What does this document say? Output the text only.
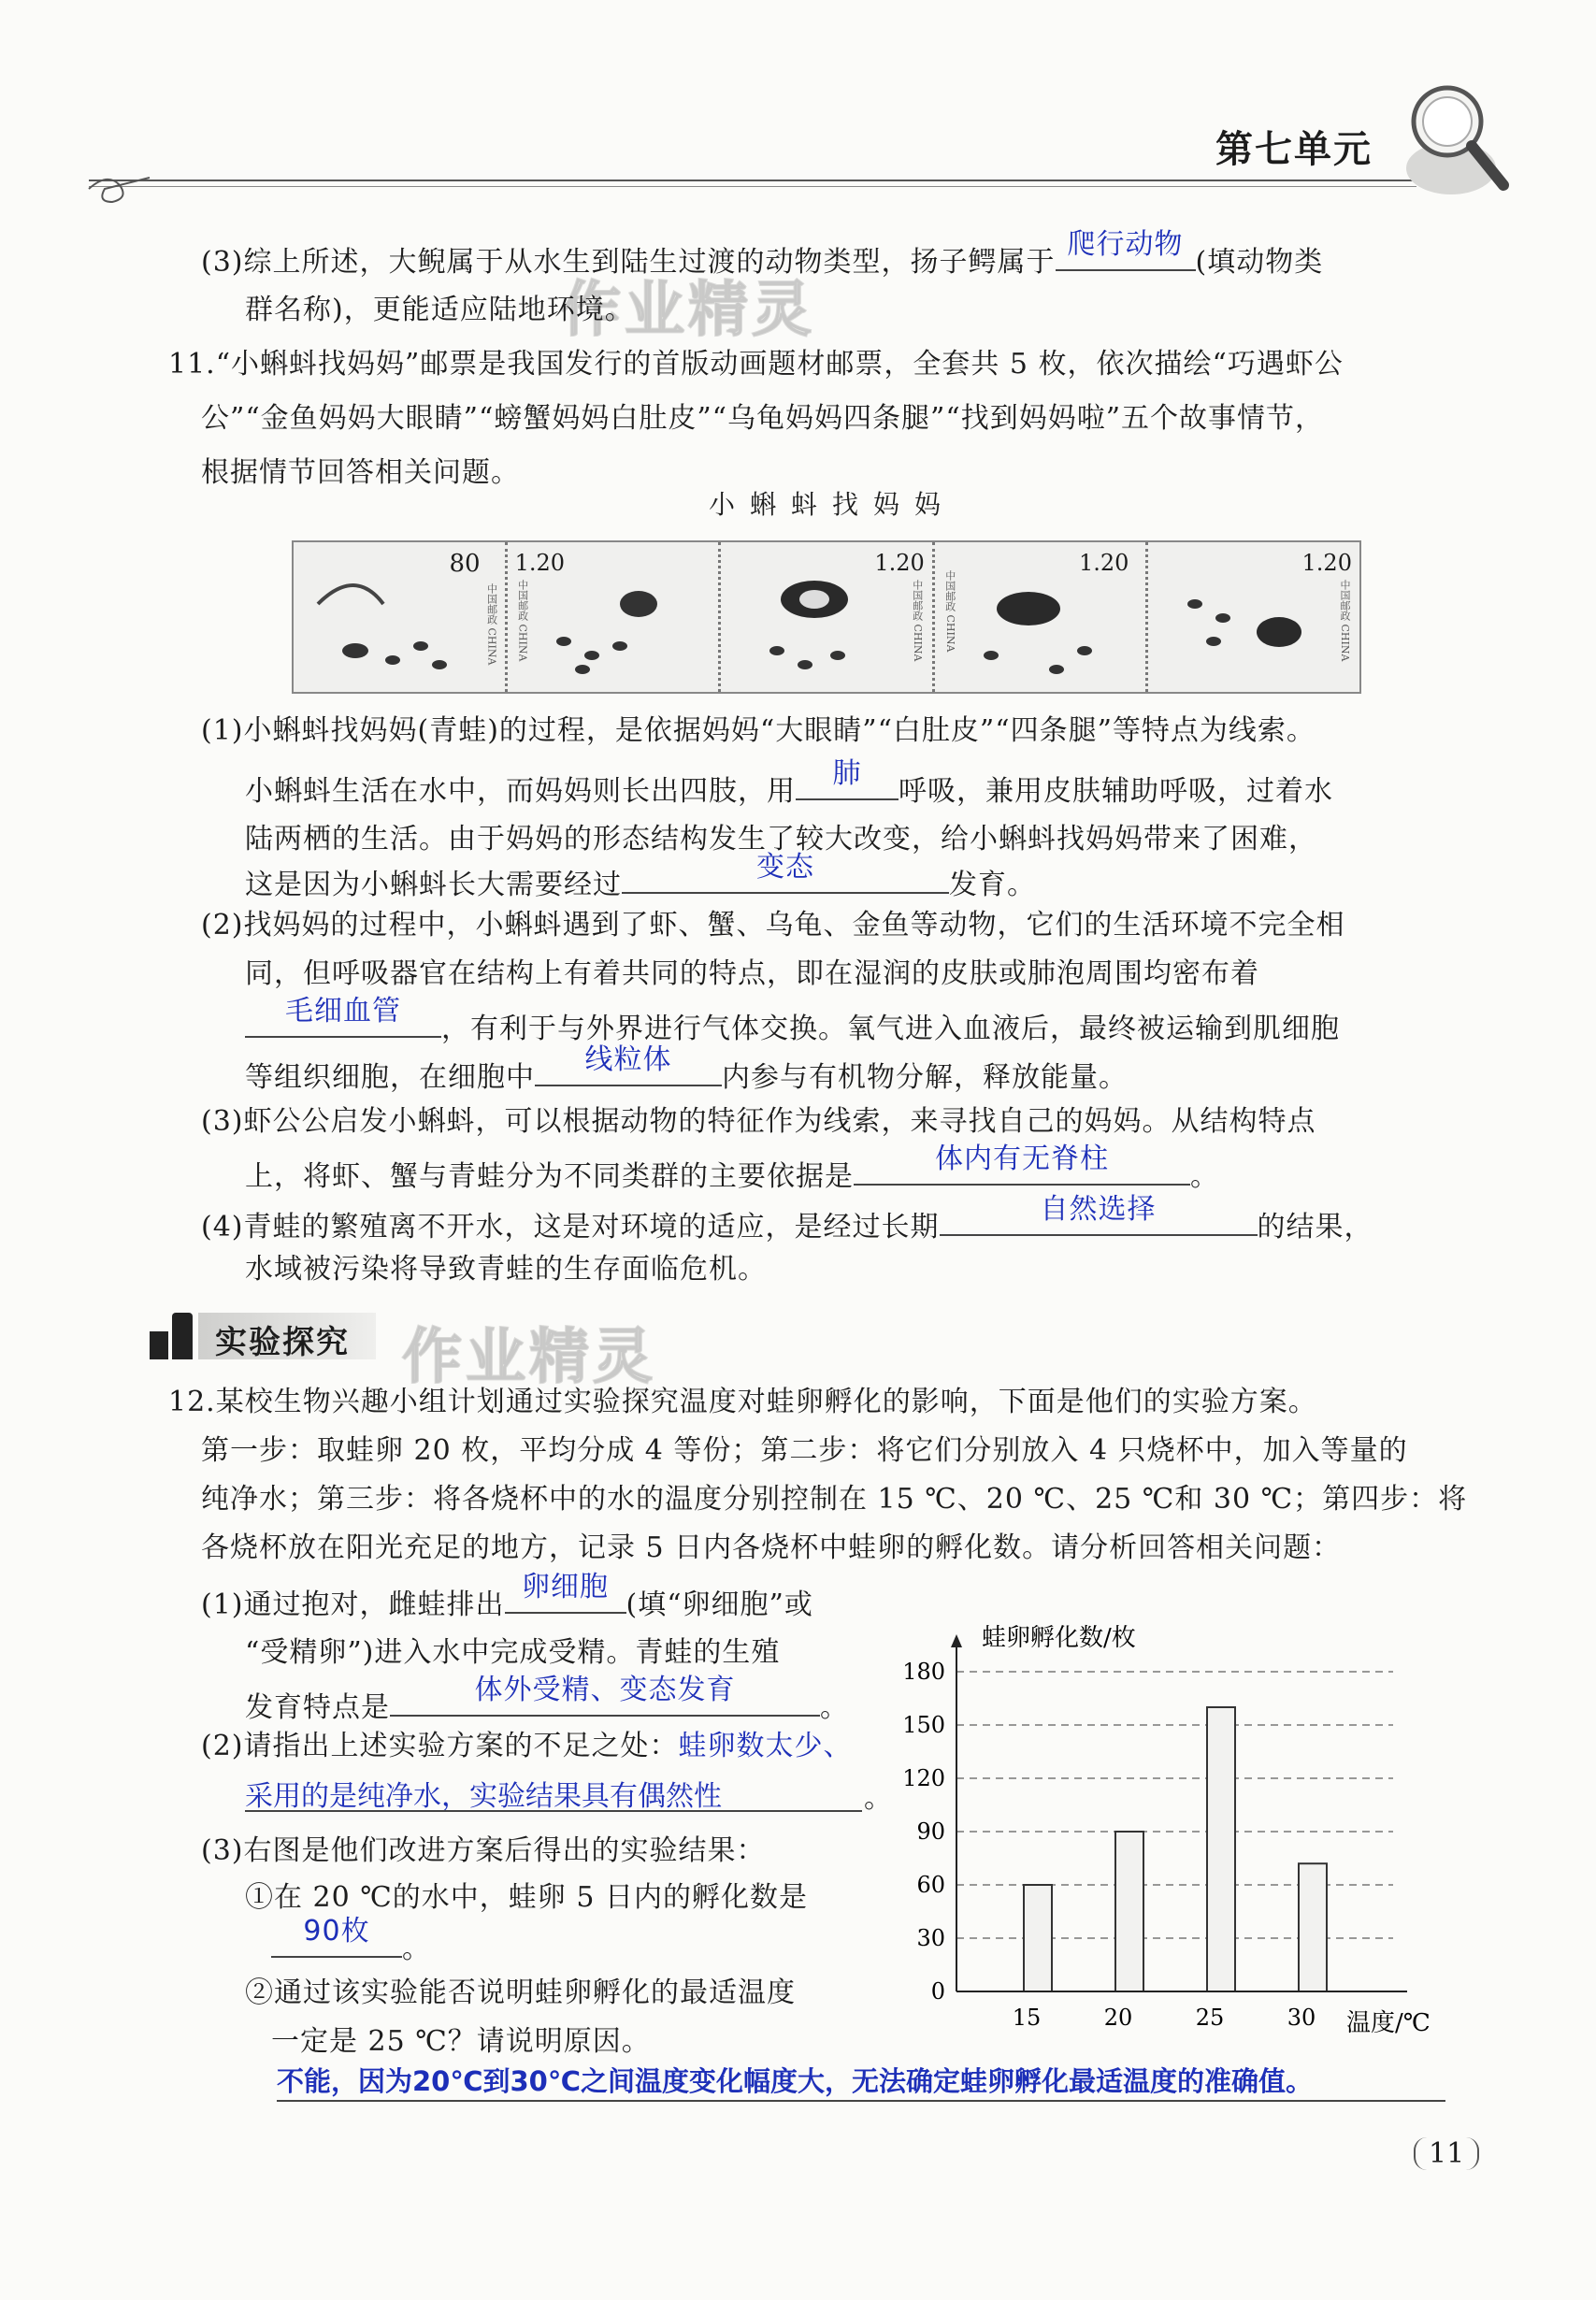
第七单元
作业精灵
作业精灵
(3)综上所述，大鲵属于从水生到陆生过渡的动物类型，扬子鳄属于
爬行动物
(填动物类
群名称)，更能适应陆地环境。
11.“小蝌蚪找妈妈”邮票是我国发行的首版动画题材邮票，全套共 5 枚，依次描绘“巧遇虾公
公”“金鱼妈妈大眼睛”“螃蟹妈妈白肚皮”“乌龟妈妈四条腿”“找到妈妈啦”五个故事情节，
根据情节回答相关问题。
小蝌蚪找妈妈
80
中国邮政 CHINA
1.20
中国邮政 CHINA
1.20
中国邮政 CHINA
1.20
中国邮政 CHINA
1.20
中国邮政 CHINA
(1)小蝌蚪找妈妈(青蛙)的过程，是依据妈妈“大眼睛”“白肚皮”“四条腿”等特点为线索。
小蝌蚪生活在水中，而妈妈则长出四肢，用
肺
呼吸，兼用皮肤辅助呼吸，过着水
陆两栖的生活。由于妈妈的形态结构发生了较大改变，给小蝌蚪找妈妈带来了困难，
这是因为小蝌蚪长大需要经过
变态
发育。
(2)找妈妈的过程中，小蝌蚪遇到了虾、蟹、乌龟、金鱼等动物，它们的生活环境不完全相
同，但呼吸器官在结构上有着共同的特点，即在湿润的皮肤或肺泡周围均密布着
毛细血管
，有利于与外界进行气体交换。氧气进入血液后，最终被运输到肌细胞
等组织细胞，在细胞中
线粒体
内参与有机物分解，释放能量。
(3)虾公公启发小蝌蚪，可以根据动物的特征作为线索，来寻找自己的妈妈。从结构特点
上，将虾、蟹与青蛙分为不同类群的主要依据是
体内有无脊柱
。
(4)青蛙的繁殖离不开水，这是对环境的适应，是经过长期
自然选择
的结果，
水域被污染将导致青蛙的生存面临危机。
实验探究
12.某校生物兴趣小组计划通过实验探究温度对蛙卵孵化的影响，下面是他们的实验方案。
第一步：取蛙卵 20 枚，平均分成 4 等份；第二步：将它们分别放入 4 只烧杯中，加入等量的
纯净水；第三步：将各烧杯中的水的温度分别控制在 15 ℃、20 ℃、25 ℃和 30 ℃；第四步：将
各烧杯放在阳光充足的地方，记录 5 日内各烧杯中蛙卵的孵化数。请分析回答相关问题：
(1)通过抱对，雌蛙排出
卵细胞
(填“卵细胞”或
“受精卵”)进入水中完成受精。青蛙的生殖
发育特点是
体外受精、变态发育
。
(2)请指出上述实验方案的不足之处：蛙卵数太少、
采用的是纯净水，实验结果具有偶然性	。
(3)右图是他们改进方案后得出的实验结果：
①在 20 ℃的水中，蛙卵 5 日内的孵化数是
90枚
。
②通过该实验能否说明蛙卵孵化的最适温度
一定是 25 ℃？请说明原因。
不能，因为20℃到30℃之间温度变化幅度大，无法确定蛙卵孵化最适温度的准确值。
0
30
60
90
120
150
180
15	20	25	30
蛙卵孵化数/枚
温度/℃
11
